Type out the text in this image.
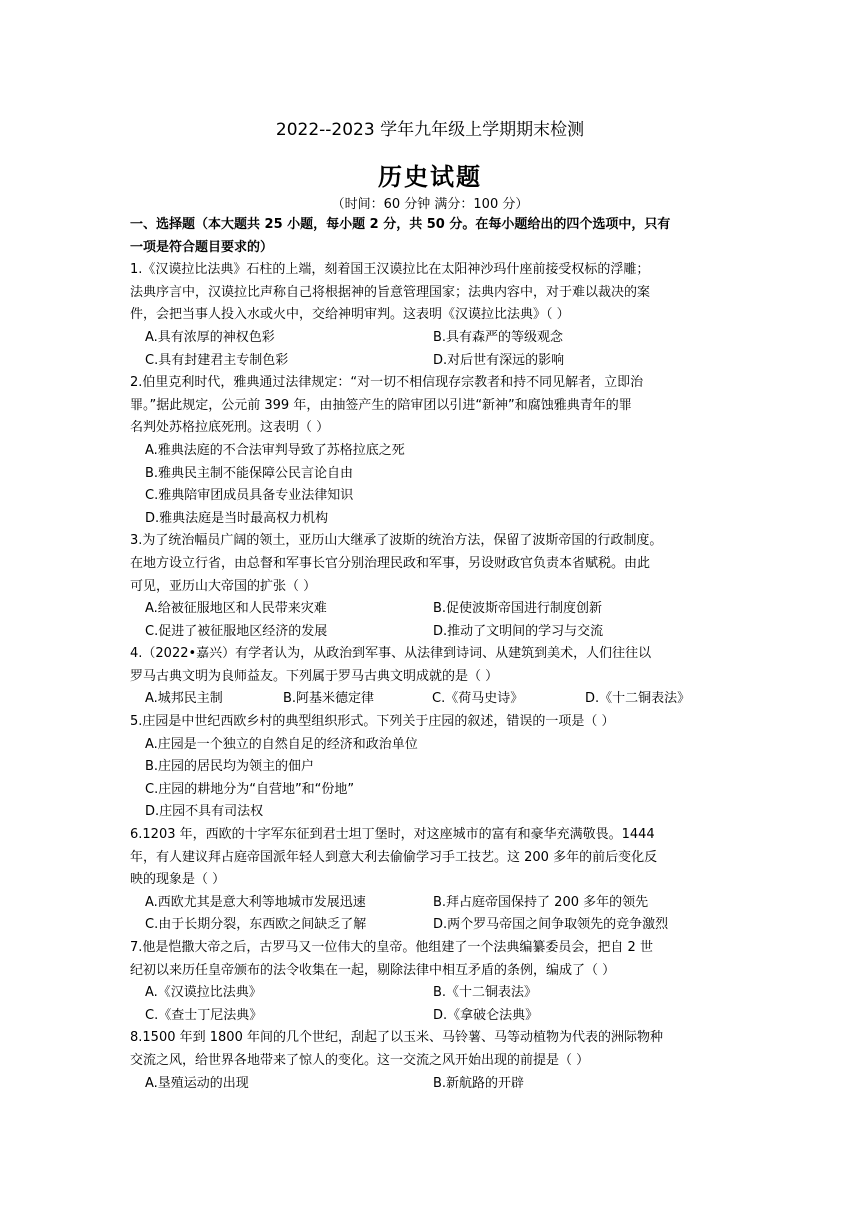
2022--2023 学年九年级上学期期末检测
历史试题
（时间：60 分钟 满分：100 分）
一、选择题（本大题共 25 小题，每小题 2 分，共 50 分。在每小题给出的四个选项中，只有
一项是符合题目要求的）
1.《汉谟拉比法典》石柱的上端，刻着国王汉谟拉比在太阳神沙玛什座前接受权标的浮雕；
法典序言中，汉谟拉比声称自己将根据神的旨意管理国家；法典内容中，对于难以裁决的案
件，会把当事人投入水或火中，交给神明审判。这表明《汉谟拉比法典》（ ）
A.具有浓厚的神权色彩	B.具有森严的等级观念
C.具有封建君主专制色彩	D.对后世有深远的影响
2.伯里克利时代，雅典通过法律规定：“对一切不相信现存宗教者和持不同见解者，立即治
罪。”据此规定，公元前 399 年，由抽签产生的陪审团以引进“新神”和腐蚀雅典青年的罪
名判处苏格拉底死刑。这表明（ ）
A.雅典法庭的不合法审判导致了苏格拉底之死
B.雅典民主制不能保障公民言论自由
C.雅典陪审团成员具备专业法律知识
D.雅典法庭是当时最高权力机构
3.为了统治幅员广阔的领土，亚历山大继承了波斯的统治方法，保留了波斯帝国的行政制度。
在地方设立行省，由总督和军事长官分别治理民政和军事，另设财政官负责本省赋税。由此
可见，亚历山大帝国的扩张（ ）
A.给被征服地区和人民带来灾难	B.促使波斯帝国进行制度创新
C.促进了被征服地区经济的发展	D.推动了文明间的学习与交流
4.（2022•嘉兴）有学者认为，从政治到军事、从法律到诗词、从建筑到美术，人们往往以
罗马古典文明为良师益友。下列属于罗马古典文明成就的是（ ）
A.城邦民主制	B.阿基米德定律	C.《荷马史诗》	D.《十二铜表法》
5.庄园是中世纪西欧乡村的典型组织形式。下列关于庄园的叙述，错误的一项是（ ）
A.庄园是一个独立的自然自足的经济和政治单位
B.庄园的居民均为领主的佃户
C.庄园的耕地分为“自营地”和“份地”
D.庄园不具有司法权
6.1203 年，西欧的十字军东征到君士坦丁堡时，对这座城市的富有和豪华充满敬畏。1444
年，有人建议拜占庭帝国派年轻人到意大利去偷偷学习手工技艺。这 200 多年的前后变化反
映的现象是（ ）
A.西欧尤其是意大利等地城市发展迅速	B.拜占庭帝国保持了 200 多年的领先
C.由于长期分裂，东西欧之间缺乏了解	D.两个罗马帝国之间争取领先的竞争激烈
7.他是恺撒大帝之后，古罗马又一位伟大的皇帝。他组建了一个法典编纂委员会，把自 2 世
纪初以来历任皇帝颁布的法令收集在一起，剔除法律中相互矛盾的条例，编成了（ ）
A.《汉谟拉比法典》	B.《十二铜表法》
C.《查士丁尼法典》	D.《拿破仑法典》
8.1500 年到 1800 年间的几个世纪，刮起了以玉米、马铃薯、马等动植物为代表的洲际物种
交流之风，给世界各地带来了惊人的变化。这一交流之风开始出现的前提是（ ）
A.垦殖运动的出现	B.新航路的开辟
